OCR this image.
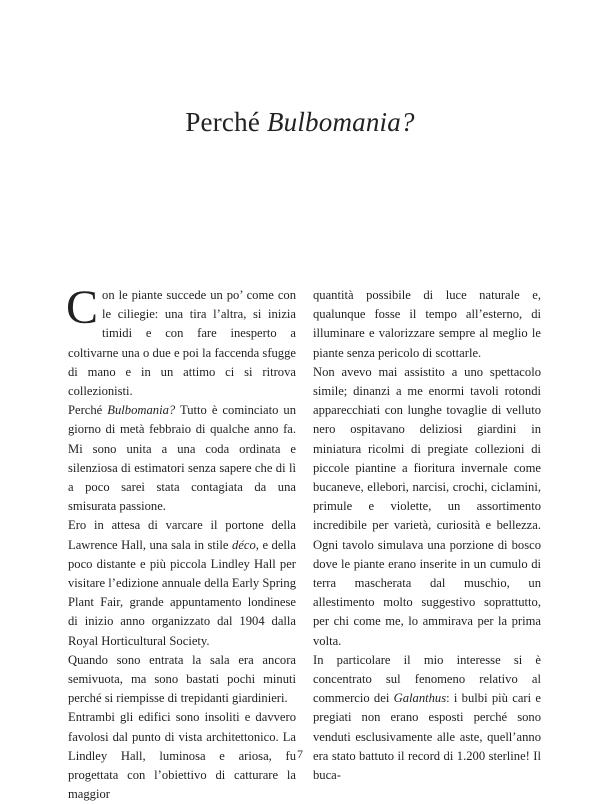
Perché Bulbomania?

Con le piante succede un po’ come con le ciliegie: una tira l’altra, si inizia timidi e con fare inesperto a coltivarne una o due e poi la faccenda sfugge di mano e in un attimo ci si ritrova collezionisti.

Perché Bulbomania? Tutto è cominciato un giorno di metà febbraio di qualche anno fa. Mi sono unita a una coda ordinata e silenziosa di estimatori senza sapere che di lì a poco sarei stata contagiata da una smisurata passione.

Ero in attesa di varcare il portone della Lawrence Hall, una sala in stile déco, e della poco distante e più piccola Lindley Hall per visitare l’edizione annuale della Early Spring Plant Fair, grande appuntamento londinese di inizio anno organizzato dal 1904 dalla Royal Horticultural Society.

Quando sono entrata la sala era ancora semivuota, ma sono bastati pochi minuti perché si riempisse di trepidanti giardinieri.

Entrambi gli edifici sono insoliti e davvero favolosi dal punto di vista architettonico. La Lindley Hall, luminosa e ariosa, fu progettata con l’obiettivo di catturare la maggior

quantità possibile di luce naturale e, qualunque fosse il tempo all’esterno, di illuminare e valorizzare sempre al meglio le piante senza pericolo di scottarle.

Non avevo mai assistito a uno spettacolo simile; dinanzi a me enormi tavoli rotondi apparecchiati con lunghe tovaglie di velluto nero ospitavano deliziosi giardini in miniatura ricolmi di pregiate collezioni di piccole piantine a fioritura invernale come bucaneve, ellebori, narcisi, crochi, ciclamini, primule e violette, un assortimento incredibile per varietà, curiosità e bellezza. Ogni tavolo simulava una porzione di bosco dove le piante erano inserite in un cumulo di terra mascherata dal muschio, un allestimento molto suggestivo soprattutto, per chi come me, lo ammirava per la prima volta.

In particolare il mio interesse si è concentrato sul fenomeno relativo al commercio dei Galanthus: i bulbi più cari e pregiati non erano esposti perché sono venduti esclusivamente alle aste, quell’anno era stato battuto il record di 1.200 sterline! Il buca-

7
